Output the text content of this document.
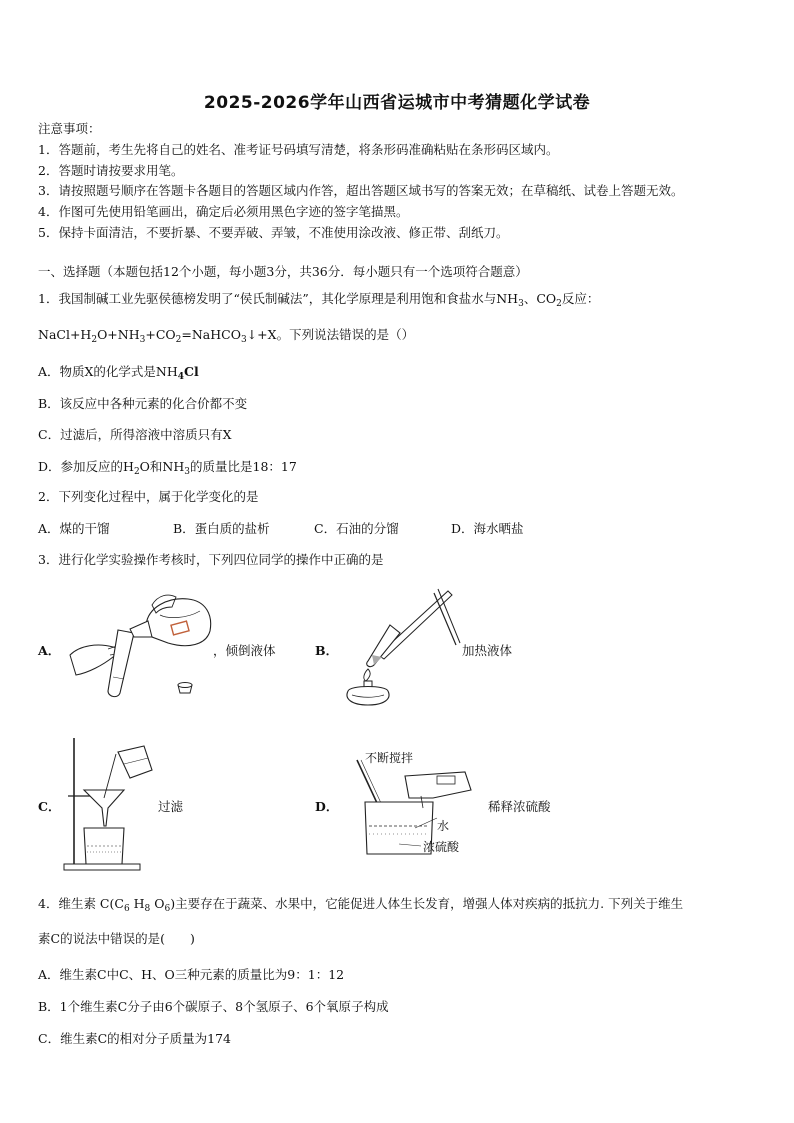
2025-2026学年山西省运城市中考猜题化学试卷
注意事项：
1．答题前，考生先将自己的姓名、准考证号码填写清楚，将条形码准确粘贴在条形码区域内。
2．答题时请按要求用笔。
3．请按照题号顺序在答题卡各题目的答题区域内作答，超出答题区域书写的答案无效；在草稿纸、试卷上答题无效。
4．作图可先使用铅笔画出，确定后必须用黑色字迹的签字笔描黑。
5．保持卡面清洁，不要折暴、不要弄破、弄皱，不准使用涂改液、修正带、刮纸刀。
一、选择题（本题包括12个小题，每小题3分，共36分．每小题只有一个选项符合题意）
1．我国制碱工业先驱侯德榜发明了“侯氏制碱法”，其化学原理是利用饱和食盐水与$NH_3$、$CO_2$反应：
$NaCl+H_2O+NH_3+CO_2=NaHCO_3↓+X$。下列说法错误的是（）
A．物质X的化学式是$NH_4Cl$
B．该反应中各种元素的化合价都不变
C．过滤后，所得溶液中溶质只有X
D．参加反应的$H_2O$和$NH_3$的质量比是18：17
2．下列变化过程中，属于化学变化的是
A．煤的干馏	B．蛋白质的盐析	C．石油的分馏	D．海水晒盐
3．进行化学实验操作考核时，下列四位同学的操作中正确的是
A．	，倾倒液体	B．	加热液体
C．	过滤	D．
不断搅拌
水
浓硫酸
稀释浓硫酸
4．维生素 $C(C_6$ $H_8$ $O_6$)主要存在于蔬菜、水果中，它能促进人体生长发育，增强人体对疾病的抵抗力. 下列关于维生
素C的说法中错误的是(　　)
A．维生素C中C、H、O三种元素的质量比为9：1：12
B．1个维生素C分子由6个碳原子、8个氢原子、6个氧原子构成
C．维生素C的相对分子质量为174
